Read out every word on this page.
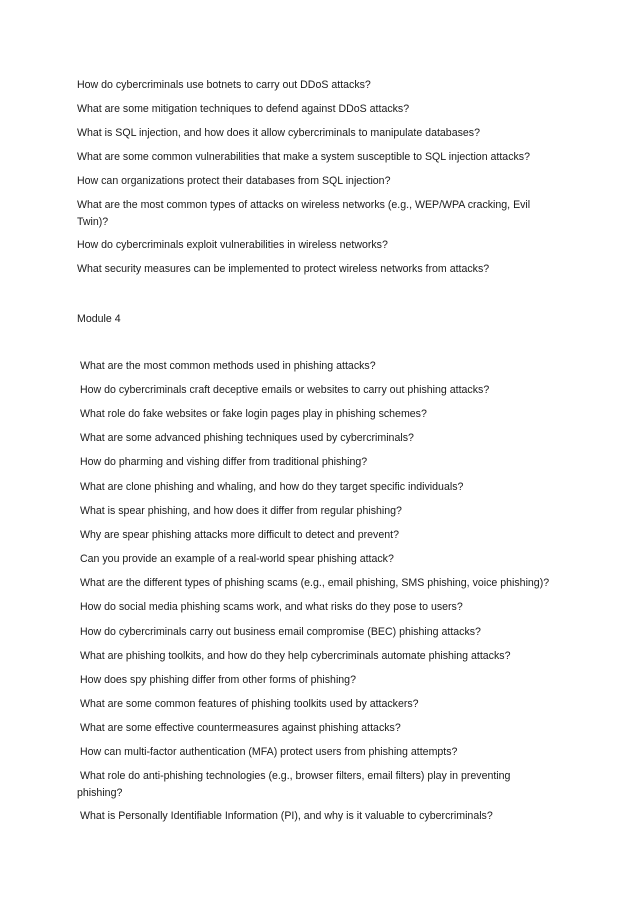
How do cybercriminals use botnets to carry out DDoS attacks?
What are some mitigation techniques to defend against DDoS attacks?
What is SQL injection, and how does it allow cybercriminals to manipulate databases?
What are some common vulnerabilities that make a system susceptible to SQL injection attacks?
How can organizations protect their databases from SQL injection?
What are the most common types of attacks on wireless networks (e.g., WEP/WPA cracking, Evil Twin)?
How do cybercriminals exploit vulnerabilities in wireless networks?
What security measures can be implemented to protect wireless networks from attacks?
Module 4
What are the most common methods used in phishing attacks?
How do cybercriminals craft deceptive emails or websites to carry out phishing attacks?
What role do fake websites or fake login pages play in phishing schemes?
What are some advanced phishing techniques used by cybercriminals?
How do pharming and vishing differ from traditional phishing?
What are clone phishing and whaling, and how do they target specific individuals?
What is spear phishing, and how does it differ from regular phishing?
Why are spear phishing attacks more difficult to detect and prevent?
Can you provide an example of a real-world spear phishing attack?
What are the different types of phishing scams (e.g., email phishing, SMS phishing, voice phishing)?
How do social media phishing scams work, and what risks do they pose to users?
How do cybercriminals carry out business email compromise (BEC) phishing attacks?
What are phishing toolkits, and how do they help cybercriminals automate phishing attacks?
How does spy phishing differ from other forms of phishing?
What are some common features of phishing toolkits used by attackers?
What are some effective countermeasures against phishing attacks?
How can multi-factor authentication (MFA) protect users from phishing attempts?
What role do anti-phishing technologies (e.g., browser filters, email filters) play in preventing phishing?
What is Personally Identifiable Information (PI), and why is it valuable to cybercriminals?
